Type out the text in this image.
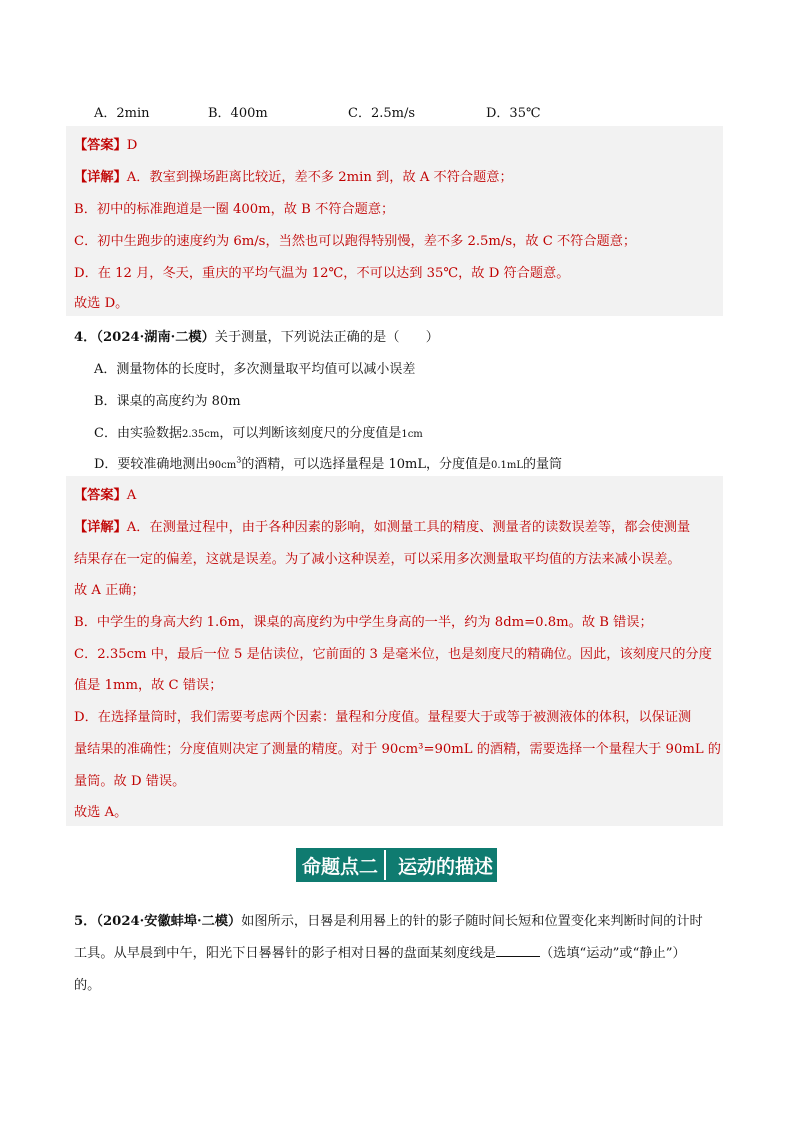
A．2min	B．400m	C．2.5m/s	D．35℃
【答案】D
【详解】A．教室到操场距离比较近，差不多 2min 到，故 A 不符合题意；
B．初中的标准跑道是一圈 400m，故 B 不符合题意；
C．初中生跑步的速度约为 6m/s，当然也可以跑得特别慢，差不多 2.5m/s，故 C 不符合题意；
D．在 12 月，冬天，重庆的平均气温为 12℃，不可以达到 35℃，故 D 符合题意。
故选 D。
4．（2024·湖南·二模）关于测量，下列说法正确的是（　　）
A．测量物体的长度时，多次测量取平均值可以减小误差
B．课桌的高度约为 80m
C．由实验数据2.35cm，可以判断该刻度尺的分度值是1cm
D．要较准确地测出$90cm^3$的酒精，可以选择量程是 10mL，分度值是0.1mL的量筒
【答案】A
【详解】A．在测量过程中，由于各种因素的影响，如测量工具的精度、测量者的读数误差等，都会使测量
结果存在一定的偏差，这就是误差。为了减小这种误差，可以采用多次测量取平均值的方法来减小误差。
故 A 正确；
B．中学生的身高大约 1.6m，课桌的高度约为中学生身高的一半，约为 8dm=0.8m。故 B 错误；
C．2.35cm 中，最后一位 5 是估读位，它前面的 3 是毫米位，也是刻度尺的精确位。因此，该刻度尺的分度
值是 1mm，故 C 错误；
D．在选择量筒时，我们需要考虑两个因素：量程和分度值。量程要大于或等于被测液体的体积，以保证测
量结果的准确性；分度值则决定了测量的精度。对于 90cm³=90mL 的酒精，需要选择一个量程大于 90mL 的
量筒。故 D 错误。
故选 A。
命题点二 运动的描述
5．（2024·安徽蚌埠·二模）如图所示，日晷是利用晷上的针的影子随时间长短和位置变化来判断时间的计时
工具。从早晨到中午，阳光下日晷晷针的影子相对日晷的盘面某刻度线是	（选填“运动”或“静止”）
的。
